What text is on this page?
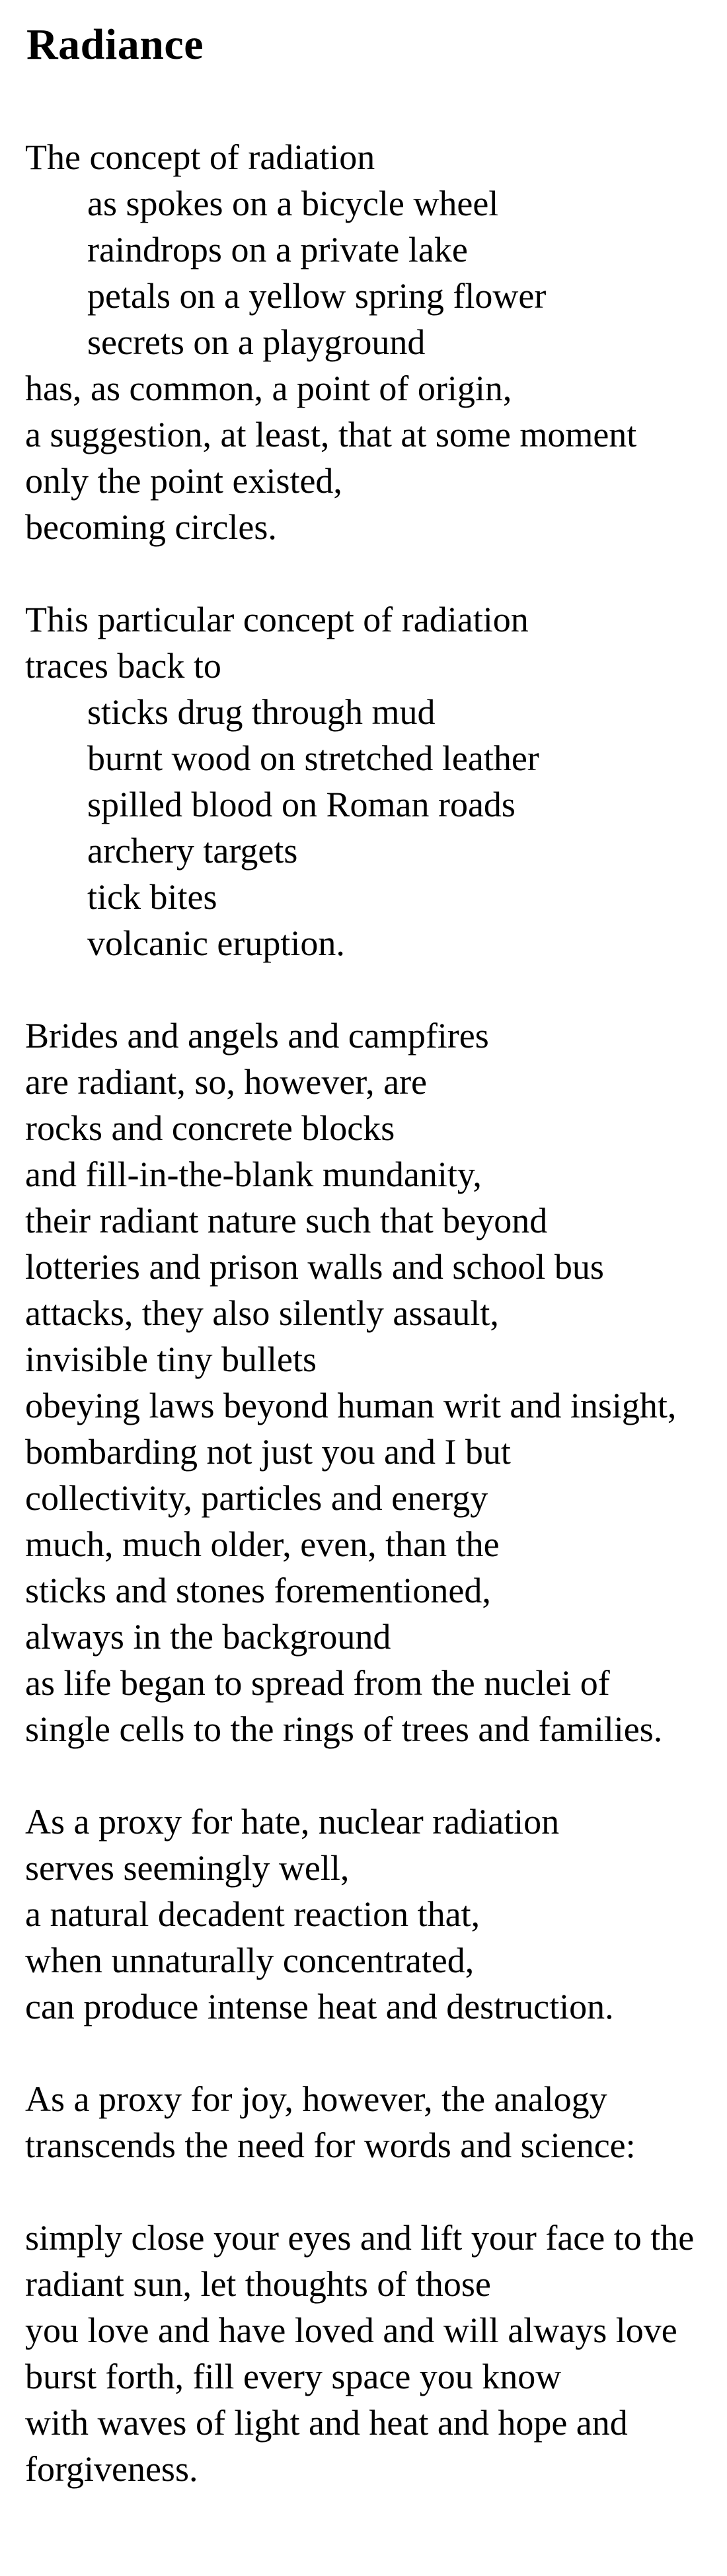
Radiance
The concept of radiation
as spokes on a bicycle wheel
raindrops on a private lake
petals on a yellow spring flower
secrets on a playground
has, as common, a point of origin,
a suggestion, at least, that at some moment
only the point existed,
becoming circles.
This particular concept of radiation
traces back to
sticks drug through mud
burnt wood on stretched leather
spilled blood on Roman roads
archery targets
tick bites
volcanic eruption.
Brides and angels and campfires
are radiant, so, however, are
rocks and concrete blocks
and fill-in-the-blank mundanity,
their radiant nature such that beyond
lotteries and prison walls and school bus
attacks, they also silently assault,
invisible tiny bullets
obeying laws beyond human writ and insight,
bombarding not just you and I but
collectivity, particles and energy
much, much older, even, than the
sticks and stones forementioned,
always in the background
as life began to spread from the nuclei of
single cells to the rings of trees and families.
As a proxy for hate, nuclear radiation
serves seemingly well,
a natural decadent reaction that,
when unnaturally concentrated,
can produce intense heat and destruction.
As a proxy for joy, however, the analogy
transcends the need for words and science:
simply close your eyes and lift your face to the
radiant sun, let thoughts of those
you love and have loved and will always love
burst forth, fill every space you know
with waves of light and heat and hope and
forgiveness.
